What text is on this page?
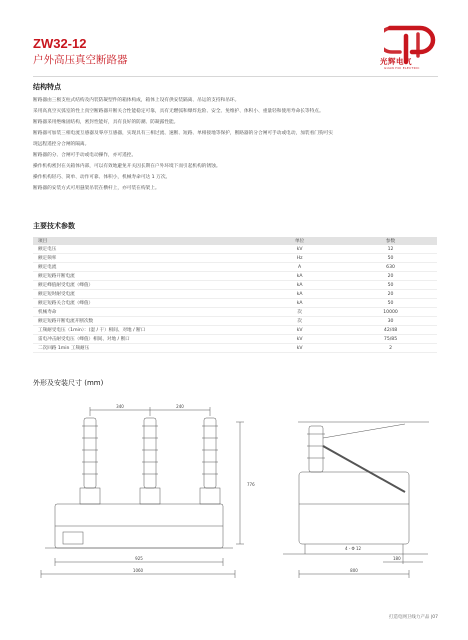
ZW32-12
户外高压真空断路器	光辉电气
GUAN HUI ELECTRIC
结构特点
断路器由三极支柱式结构及内装防凝型件的箱体构成，箱体上设有供安装隔离、吊运的支持和吊环。
采用高真空灭弧室的性上真空断路器开断关合性能稳定可靠，具有无燃弧和爆炸危险、安全、免维护、体积小、重量轻和使用寿命长等特点。
断路器采用绝缘固结构，密封性能好，具有良好的防潮、防凝露性能。
断路器可加装三相电流互感器及零序互感器，实现具有三相过流、速断、短路、单相接地等保护，断路器的分合闸可手动或电动，加装看门狗可实
现远程遥控分合闸的隔离。
断路器的分、合闸可手动或电动操作，亦可遥控。
操作机构密封在关箱体内部，可以有效地避免开关因长期在户外环境下而引起机构的锈蚀。
操作机构轻巧、简单、动作可靠、体积小，机械寿命可达 1 万次。
断路器的安装方式可用悬架吊装在横杆上，亦可装在构架上。
主要技术参数
项目	单位	参数
额定电压	kV	12
额定频率	Hz	50
额定电流	A	630
额定短路开断电流	kA	20
额定峰值耐受电流（峰值）	kA	50
额定短时耐受电流	kA	20
额定短路关合电流（峰值）	kA	50
机械寿命	次	10000
额定短路开断电流开断次数	次	30
工频耐受电压（1min）：(湿 / 干）相间、对地 / 断口	kV	42/48
雷电冲击耐受电压（峰值）相间、对地 / 断口	kV	75/85
二次回路 1min 工频耐压	kV	2
外形及安装尺寸 (mm)
340	240
925
1060
776
180
800
4 - Φ 12
打造电网卫线力产品 |07
